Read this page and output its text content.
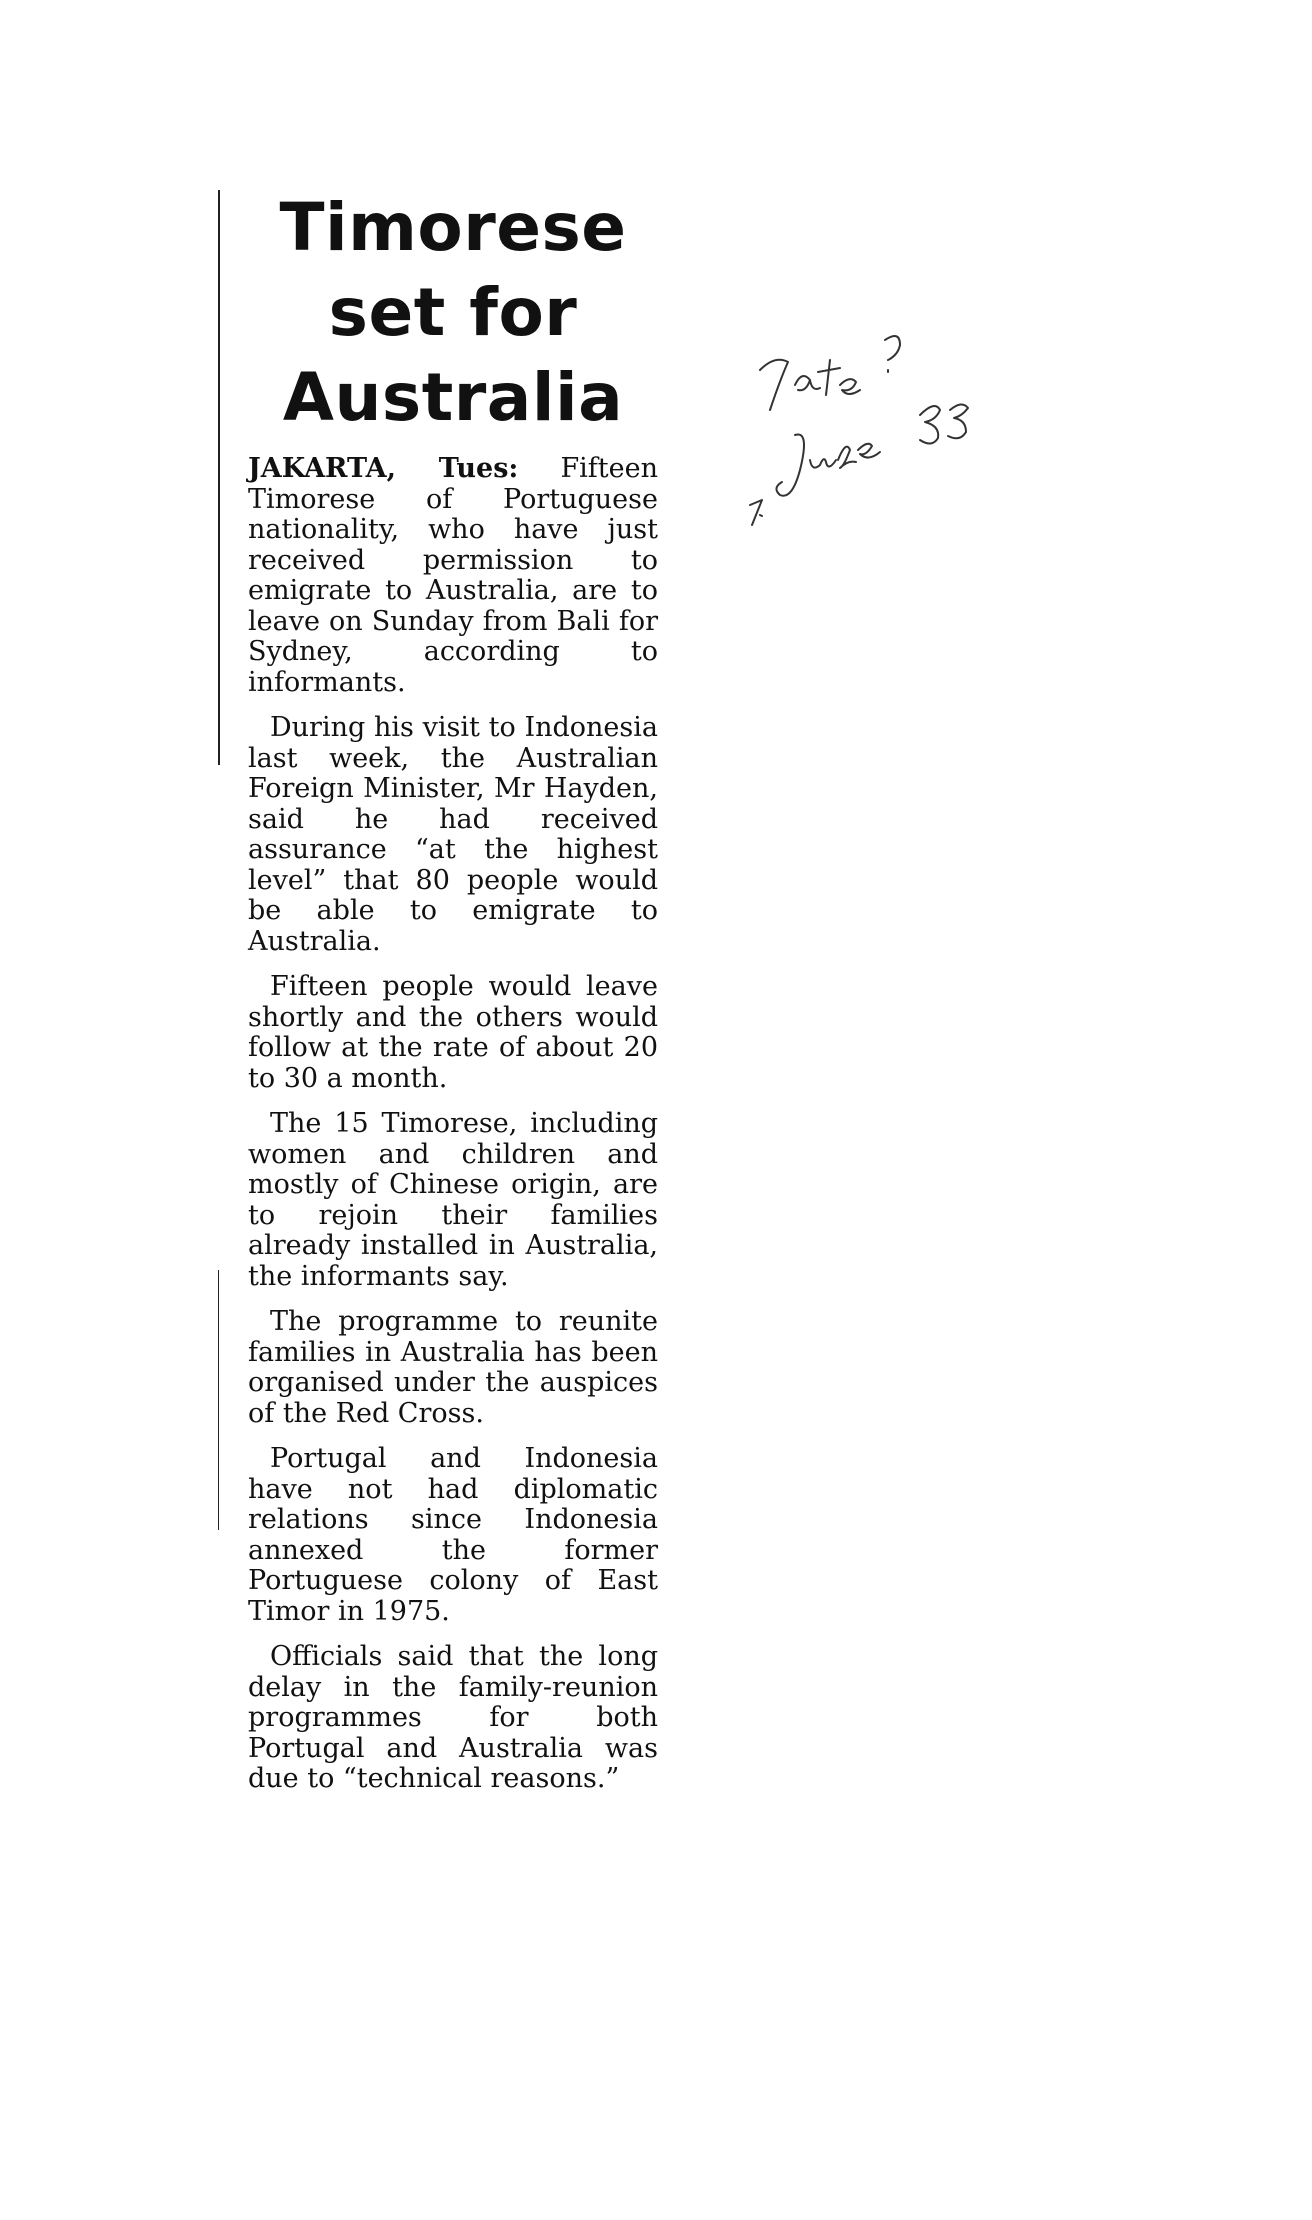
Timorese
set for
Australia

JAKARTA, Tues: Fifteen Timorese of Portuguese nationality, who have just received permission to emigrate to Australia, are to leave on Sunday from Bali for Sydney, according to informants.

During his visit to Indonesia last week, the Australian Foreign Minister, Mr Hayden, said he had received assurance “at the highest level” that 80 people would be able to emigrate to Australia.

Fifteen people would leave shortly and the others would follow at the rate of about 20 to 30 a month.

The 15 Timorese, including women and children and mostly of Chinese origin, are to rejoin their families already installed in Australia, the informants say.

The programme to reunite families in Australia has been organised under the auspices of the Red Cross.

Portugal and Indonesia have not had diplomatic relations since Indonesia annexed the former Portuguese colony of East Timor in 1975.

Officials said that the long delay in the family-reunion programmes for both Portugal and Australia was due to “technical reasons.”
